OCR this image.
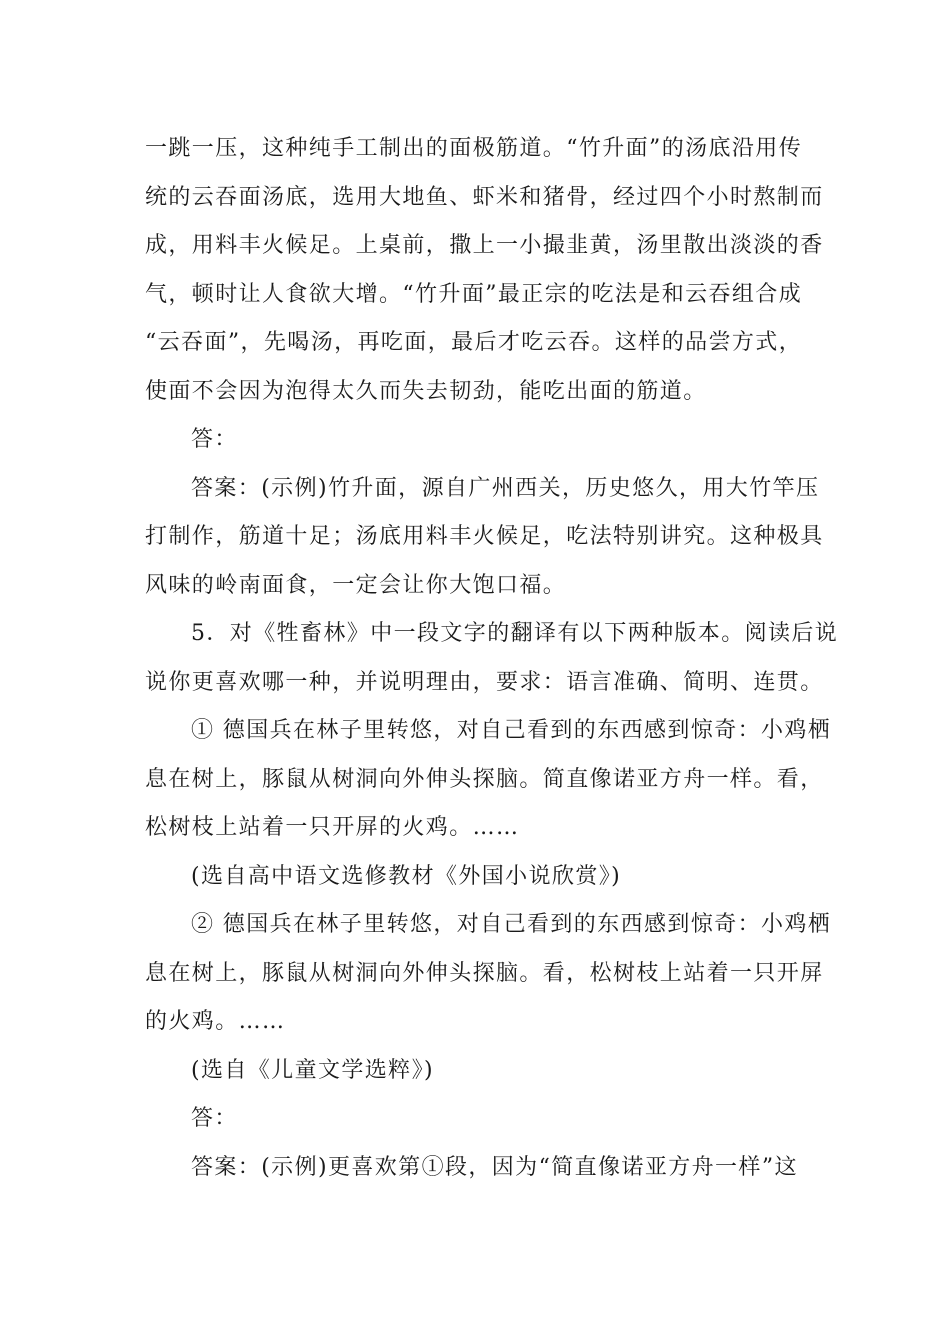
一跳一压，这种纯手工制出的面极筋道。“竹升面”的汤底沿用传
统的云吞面汤底，选用大地鱼、虾米和猪骨，经过四个小时熬制而
成，用料丰火候足。上桌前，撒上一小撮韭黄，汤里散出淡淡的香
气，顿时让人食欲大增。“竹升面”最正宗的吃法是和云吞组合成
“云吞面”，先喝汤，再吃面，最后才吃云吞。这样的品尝方式，
使面不会因为泡得太久而失去韧劲，能吃出面的筋道。
答：
答案：(示例)竹升面，源自广州西关，历史悠久，用大竹竿压
打制作，筋道十足；汤底用料丰火候足，吃法特别讲究。这种极具
风味的岭南面食，一定会让你大饱口福。
5．对《牲畜林》中一段文字的翻译有以下两种版本。阅读后说
说你更喜欢哪一种，并说明理由，要求：语言准确、简明、连贯。
① 德国兵在林子里转悠，对自己看到的东西感到惊奇：小鸡栖
息在树上，豚鼠从树洞向外伸头探脑。简直像诺亚方舟一样。看，
松树枝上站着一只开屏的火鸡。……
(选自高中语文选修教材《外国小说欣赏》)
② 德国兵在林子里转悠，对自己看到的东西感到惊奇：小鸡栖
息在树上，豚鼠从树洞向外伸头探脑。看，松树枝上站着一只开屏
的火鸡。……
(选自《儿童文学选粹》)
答：
答案：(示例)更喜欢第①段，因为“简直像诺亚方舟一样”这
